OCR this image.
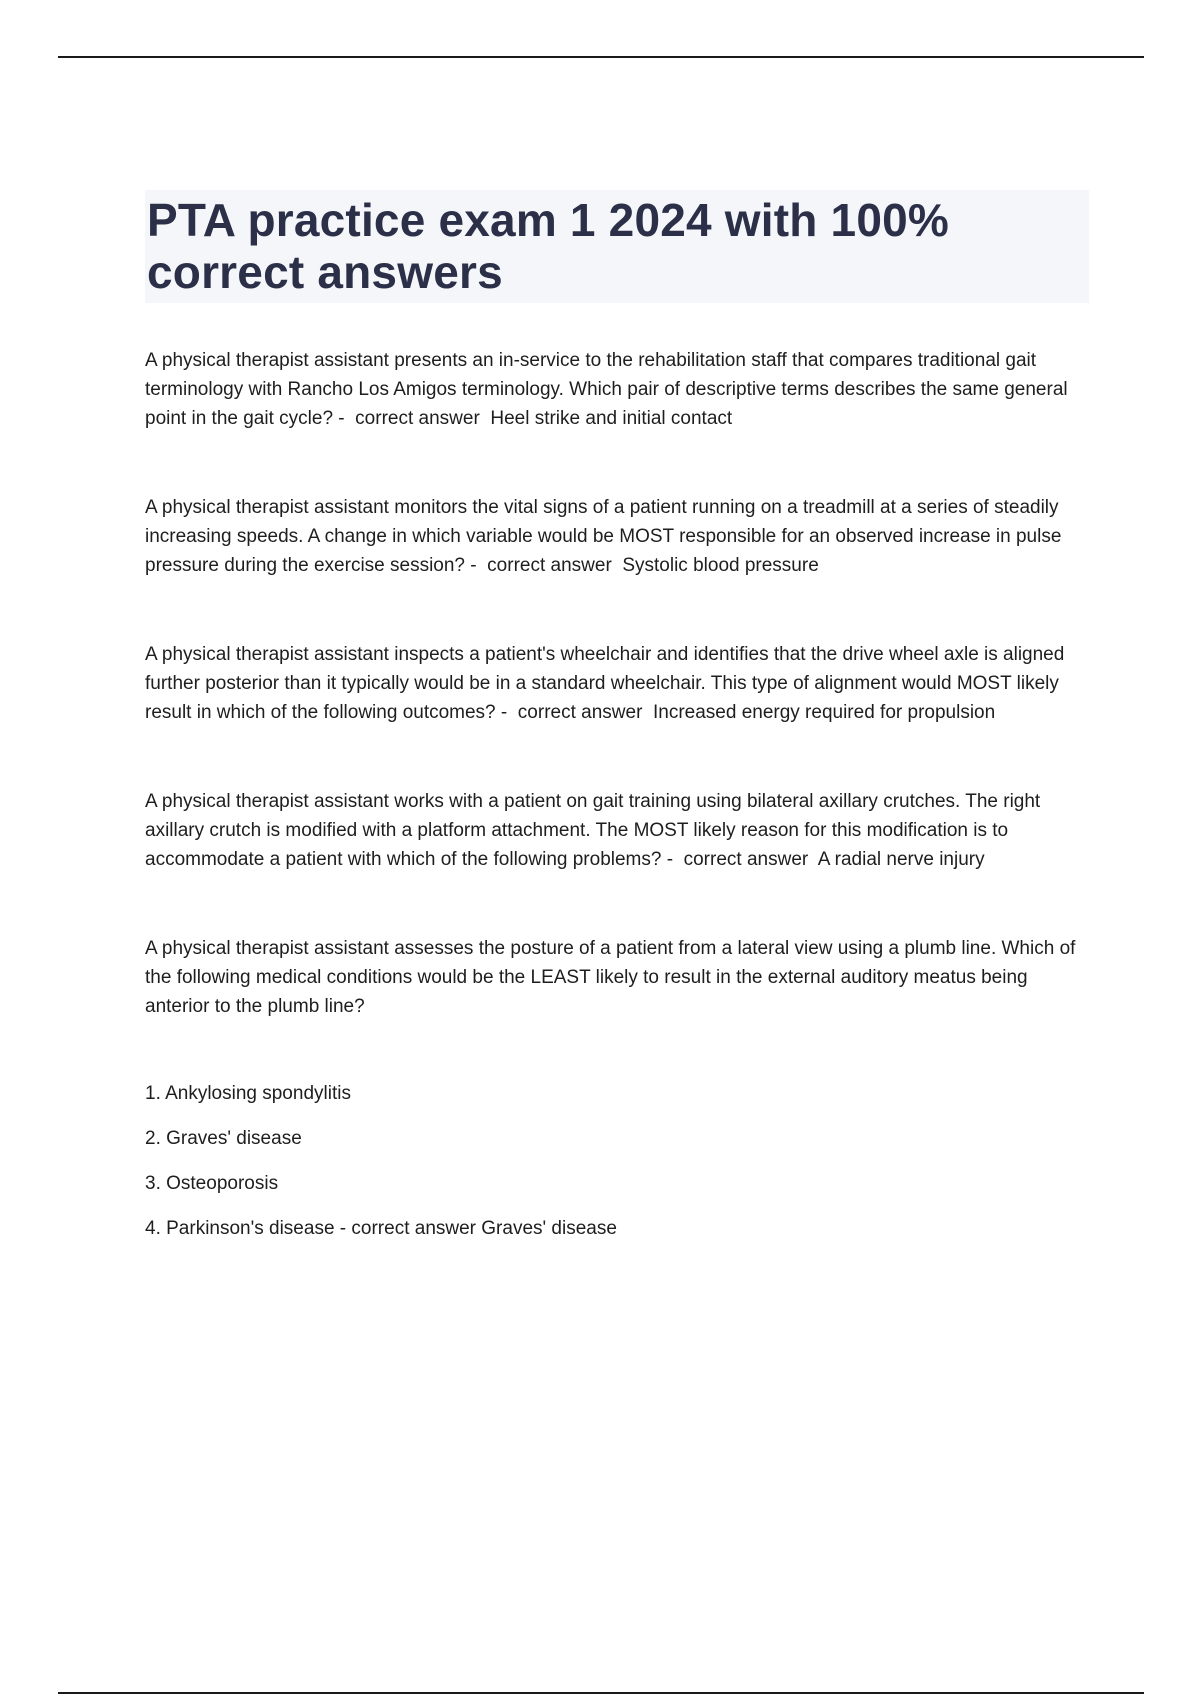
PTA practice exam 1 2024 with 100% correct answers

A physical therapist assistant presents an in-service to the rehabilitation staff that compares traditional gait terminology with Rancho Los Amigos terminology. Which pair of descriptive terms describes the same general point in the gait cycle? -  correct answer  Heel strike and initial contact

A physical therapist assistant monitors the vital signs of a patient running on a treadmill at a series of steadily increasing speeds. A change in which variable would be MOST responsible for an observed increase in pulse pressure during the exercise session? -  correct answer  Systolic blood pressure

A physical therapist assistant inspects a patient's wheelchair and identifies that the drive wheel axle is aligned further posterior than it typically would be in a standard wheelchair. This type of alignment would MOST likely result in which of the following outcomes? -  correct answer  Increased energy required for propulsion

A physical therapist assistant works with a patient on gait training using bilateral axillary crutches. The right axillary crutch is modified with a platform attachment. The MOST likely reason for this modification is to accommodate a patient with which of the following problems? -  correct answer  A radial nerve injury

A physical therapist assistant assesses the posture of a patient from a lateral view using a plumb line. Which of the following medical conditions would be the LEAST likely to result in the external auditory meatus being anterior to the plumb line?

1. Ankylosing spondylitis
2. Graves' disease
3. Osteoporosis
4. Parkinson's disease - correct answer Graves' disease
